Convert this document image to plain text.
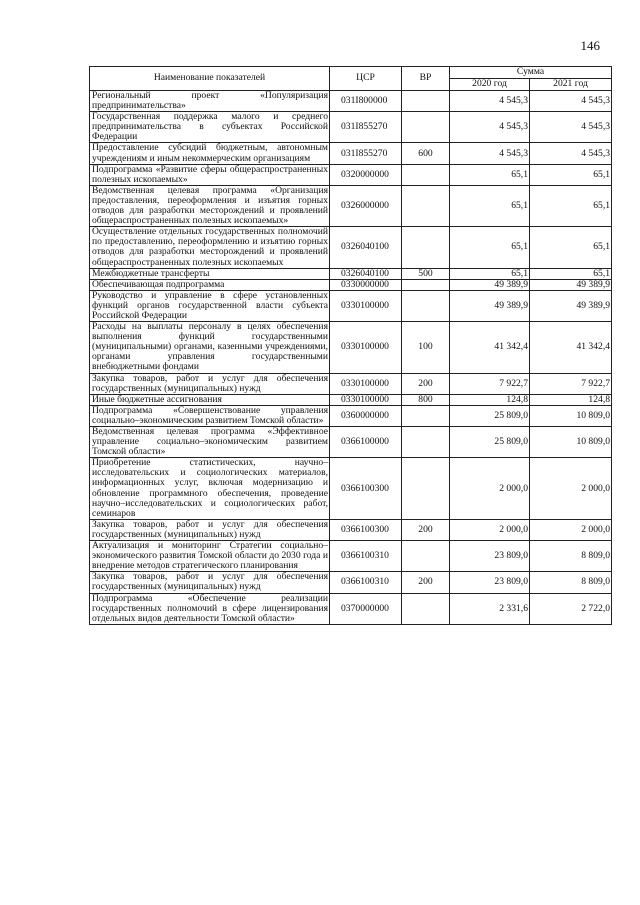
146
Наименование показателей	ЦСР	ВР	Сумма	
			2020 год	2021 год
Региональный проект «Популяризация предпринимательства»	031I800000		4 545,3	4 545,3
Государственная поддержка малого и среднего предпринимательства в субъектах Российской Федерации	031I855270		4 545,3	4 545,3
Предоставление субсидий бюджетным, автономным учреждениям и иным некоммерческим организациям	031I855270	600	4 545,3	4 545,3
Подпрограмма «Развитие сферы общераспространенных полезных ископаемых»	0320000000		65,1	65,1
Ведомственная целевая программа «Организация предоставления, переоформления и изъятия горных отводов для разработки месторождений и проявлений общераспространенных полезных ископаемых»	0326000000		65,1	65,1
Осуществление отдельных государственных полномочий по предоставлению, переоформлению и изъятию горных отводов для разработки месторождений и проявлений общераспространенных полезных ископаемых	0326040100		65,1	65,1
Межбюджетные трансферты	0326040100	500	65,1	65,1
Обеспечивающая подпрограмма	0330000000		49 389,9	49 389,9
Руководство и управление в сфере установленных функций органов государственной власти субъекта Российской Федерации	0330100000		49 389,9	49 389,9
Расходы на выплаты персоналу в целях обеспечения выполнения функций государственными (муниципальными) органами, казенными учреждениями, органами управления государственными внебюджетными фондами	0330100000	100	41 342,4	41 342,4
Закупка товаров, работ и услуг для обеспечения государственных (муниципальных) нужд	0330100000	200	7 922,7	7 922,7
Иные бюджетные ассигнования	0330100000	800	124,8	124,8
Подпрограмма «Совершенствование управления социально–экономическим развитием Томской области»	0360000000		25 809,0	10 809,0
Ведомственная целевая программа «Эффективное управление социально–экономическим развитием Томской области»	0366100000		25 809,0	10 809,0
Приобретение статистических, научно–исследовательских и социологических материалов, информационных услуг, включая модернизацию и обновление программного обеспечения, проведение научно–исследовательских и социологических работ, семинаров	0366100300		2 000,0	2 000,0
Закупка товаров, работ и услуг для обеспечения государственных (муниципальных) нужд	0366100300	200	2 000,0	2 000,0
Актуализация и мониторинг Стратегии социально–экономического развития Томской области до 2030 года и внедрение методов стратегического планирования	0366100310		23 809,0	8 809,0
Закупка товаров, работ и услуг для обеспечения государственных (муниципальных) нужд	0366100310	200	23 809,0	8 809,0
Подпрограмма «Обеспечение реализации государственных полномочий в сфере лицензирования отдельных видов деятельности Томской области»	0370000000		2 331,6	2 722,0
